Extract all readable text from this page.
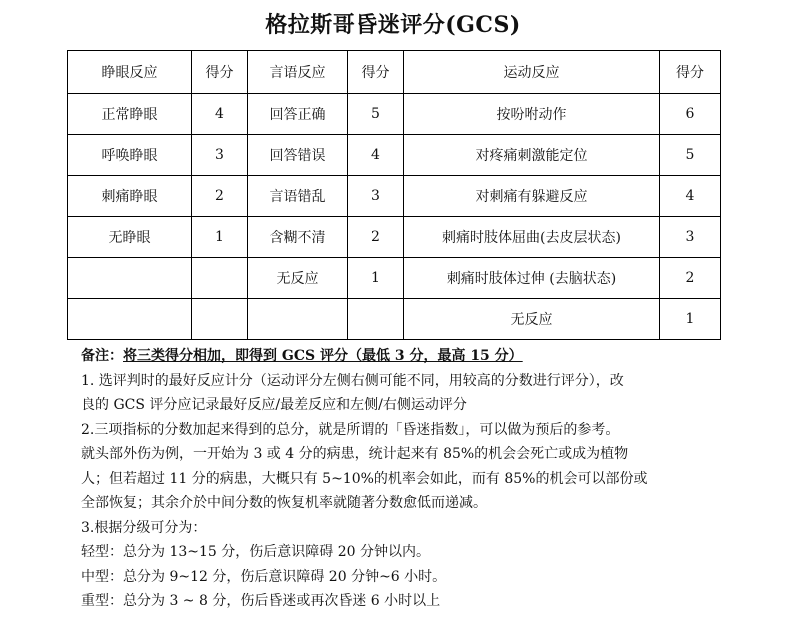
格拉斯哥昏迷评分(GCS)
睁眼反应	得分	言语反应	得分	运动反应	得分
正常睁眼	4	回答正确	5	按吩咐动作	6
呼唤睁眼	3	回答错误	4	对疼痛刺激能定位	5
刺痛睁眼	2	言语错乱	3	对刺痛有躲避反应	4
无睁眼	1	含糊不清	2	刺痛时肢体屈曲(去皮层状态)	3
		无反应	1	刺痛时肢体过伸 (去脑状态)	2
				无反应	1

备注：将三类得分相加，即得到 GCS 评分（最低 3 分，最高 15 分）

1. 选评判时的最好反应计分（运动评分左侧右侧可能不同，用较高的分数进行评分），改

良的 GCS 评分应记录最好反应/最差反应和左侧/右侧运动评分

2.三项指标的分数加起来得到的总分，就是所谓的「昏迷指数」，可以做为预后的参考。

就头部外伤为例，一开始为 3 或 4 分的病患，统计起来有 85%的机会会死亡或成为植物

人；但若超过 11 分的病患，大概只有 5~10%的机率会如此，而有 85%的机会可以部份或

全部恢复；其余介於中间分数的恢复机率就随著分数愈低而递减。

3.根据分级可分为：

轻型：总分为 13~15 分，伤后意识障碍 20 分钟以内。

中型：总分为 9~12 分，伤后意识障碍 20 分钟~6 小时。

重型：总分为 3 ~ 8 分，伤后昏迷或再次昏迷 6 小时以上
